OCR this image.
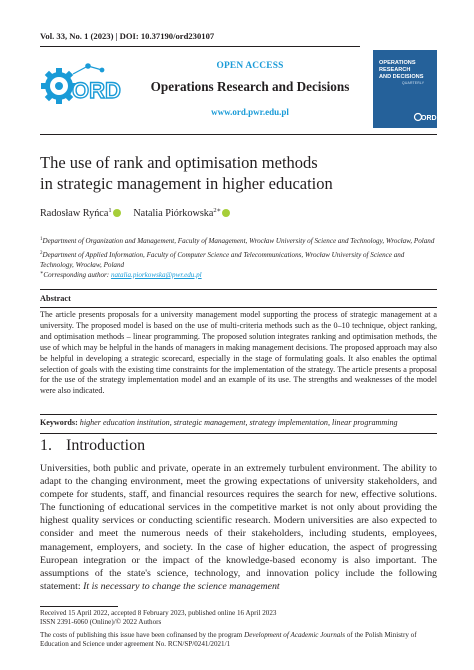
Vol. 33, No. 1 (2023) | DOI: 10.37190/ord230107
ORD
OPEN ACCESS
Operations Research and Decisions
www.ord.pwr.edu.pl
OPERATIONS
RESEARCH
AND DECISIONS
QUARTERLY
ORD
The use of rank and optimisation methods
in strategic management in higher education
Radosław Ryńca$^1$ Natalia Piórkowska$^{2∗}$
$^1$Department of Organization and Management, Faculty of Management, Wrocław University of Science and Technology, Wrocław, Poland
$^2$Department of Applied Information, Faculty of Computer Science and Telecommunications, Wrocław University of Science and Technology, Wrocław, Poland
∗Corresponding author: natalia.piorkowska@pwr.edu.pl
Abstract
The article presents proposals for a university management model supporting the process of strategic management at a university. The proposed model is based on the use of multi-criteria methods such as the 0–10 technique, object ranking, and optimisation methods – linear programming. The proposed solution integrates ranking and optimisation methods, the use of which may be helpful in the hands of managers in making management decisions. The proposed approach may also be helpful in developing a strategic scorecard, especially in the stage of formulating goals. It also enables the optimal selection of goals with the existing time constraints for the implementation of the strategy. The article presents a proposal for the use of the strategy implementation model and an example of its use. The strengths and weaknesses of the model were also indicated.
Keywords: higher education institution, strategic management, strategy implementation, linear programming
1. Introduction
Universities, both public and private, operate in an extremely turbulent environment. The ability to adapt to the changing environment, meet the growing expectations of university stakeholders, and compete for students, staff, and financial resources requires the search for new, effective solutions. The functioning of educational services in the competitive market is not only about providing the highest quality services or conducting scientific research. Modern universities are also expected to consider and meet the numerous needs of their stakeholders, including students, employees, management, employers, and society. In the case of higher education, the aspect of progressing European integration or the impact of the knowledge-based economy is also important. The assumptions of the state's science, technology, and innovation policy include the following statement: It is necessary to change the science management
Received 15 April 2022, accepted 8 February 2023, published online 16 April 2023
ISSN 2391-6060 (Online)/© 2022 Authors
The costs of publishing this issue have been cofinansed by the program Development of Academic Journals of the Polish Ministry of Education and Science under agreement No. RCN/SP/0241/2021/1
